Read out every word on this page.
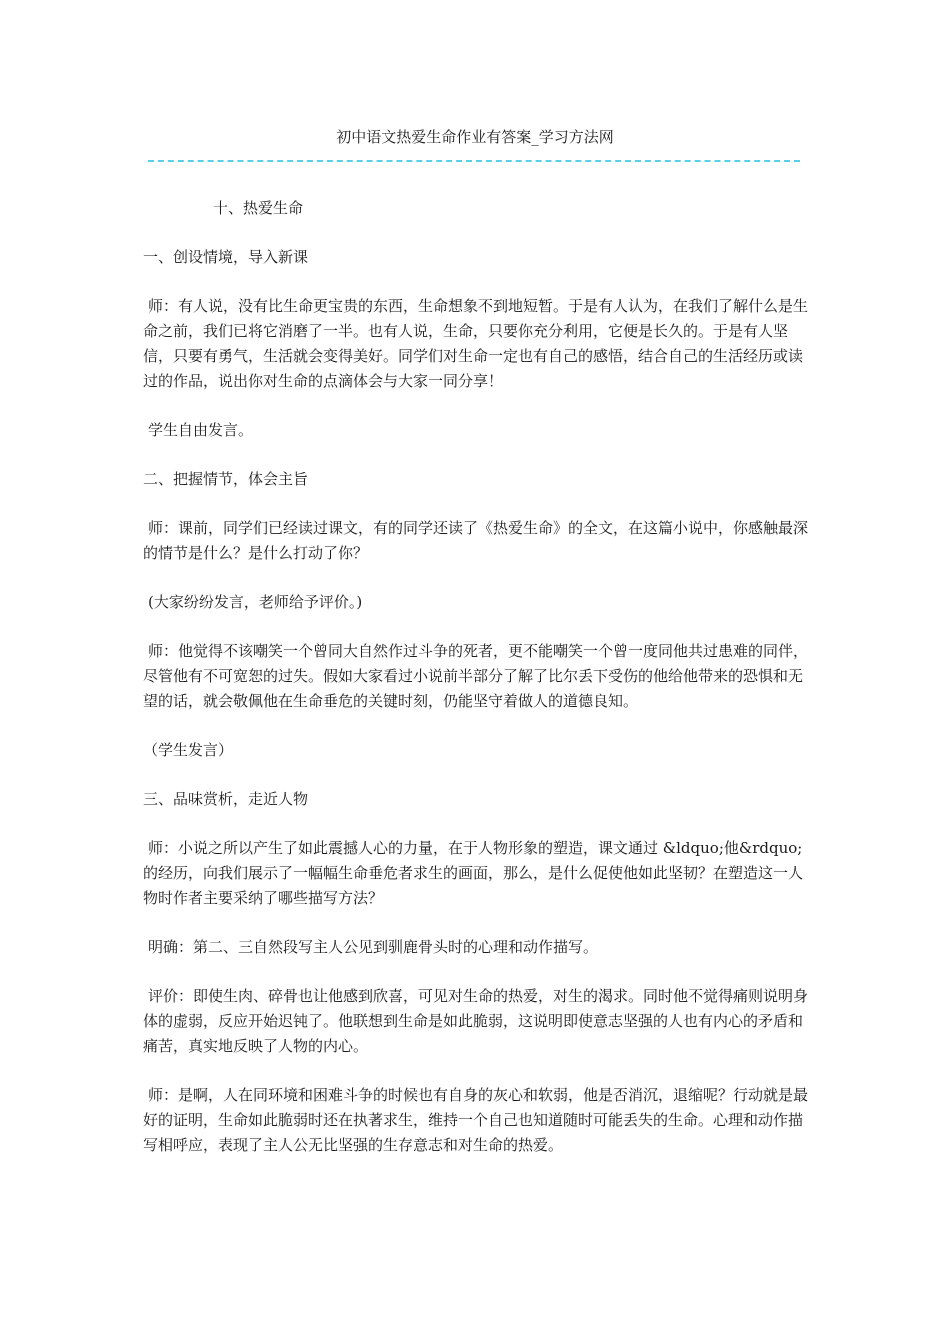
初中语文热爱生命作业有答案_学习方法网

十、热爱生命

一、创设情境，导入新课

师：有人说，没有比生命更宝贵的东西，生命想象不到地短暂。于是有人认为，在我们了解什么是生命之前，我们已将它消磨了一半。也有人说，生命，只要你充分利用，它便是长久的。于是有人坚信，只要有勇气，生活就会变得美好。同学们对生命一定也有自己的感悟，结合自己的生活经历或读过的作品，说出你对生命的点滴体会与大家一同分享！

学生自由发言。

二、把握情节，体会主旨

师：课前，同学们已经读过课文，有的同学还读了《热爱生命》的全文，在这篇小说中，你感触最深的情节是什么？是什么打动了你？

(大家纷纷发言，老师给予评价。)

师：他觉得不该嘲笑一个曾同大自然作过斗争的死者，更不能嘲笑一个曾一度同他共过患难的同伴，尽管他有不可宽恕的过失。假如大家看过小说前半部分了解了比尔丢下受伤的他给他带来的恐惧和无望的话，就会敬佩他在生命垂危的关键时刻，仍能坚守着做人的道德良知。

（学生发言）

三、品味赏析，走近人物

师：小说之所以产生了如此震撼人心的力量，在于人物形象的塑造，课文通过 &ldquo;他&rdquo;的经历，向我们展示了一幅幅生命垂危者求生的画面，那么，是什么促使他如此坚韧？在塑造这一人物时作者主要采纳了哪些描写方法？

明确：第二、三自然段写主人公见到驯鹿骨头时的心理和动作描写。

评价：即使生肉、碎骨也让他感到欣喜，可见对生命的热爱，对生的渴求。同时他不觉得痛则说明身体的虚弱，反应开始迟钝了。他联想到生命是如此脆弱，这说明即使意志坚强的人也有内心的矛盾和痛苦，真实地反映了人物的内心。

师：是啊，人在同环境和困难斗争的时候也有自身的灰心和软弱，他是否消沉，退缩呢？行动就是最好的证明，生命如此脆弱时还在执著求生，维持一个自己也知道随时可能丢失的生命。心理和动作描写相呼应，表现了主人公无比坚强的生存意志和对生命的热爱。
